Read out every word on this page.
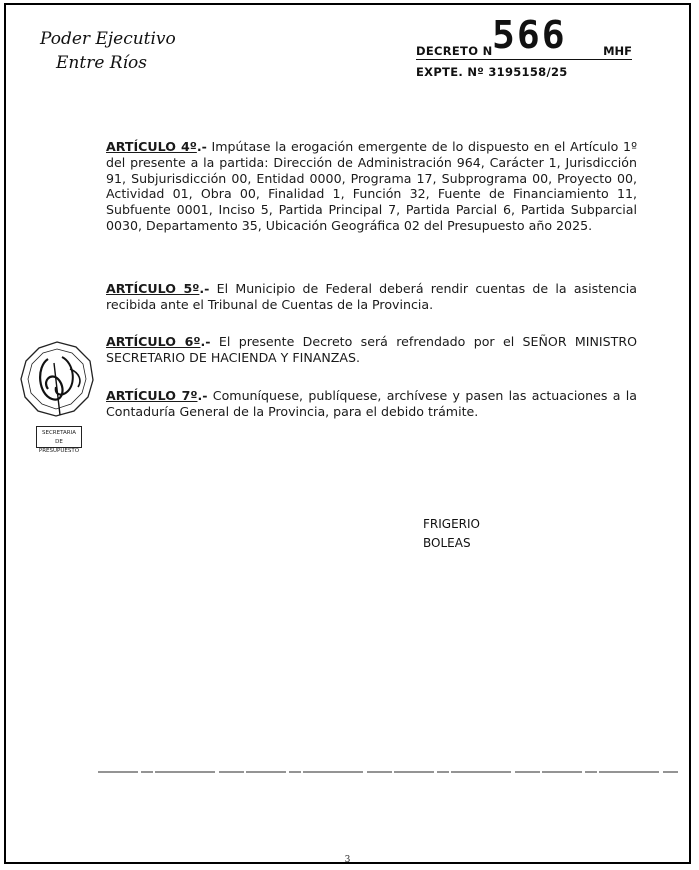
Poder Ejecutivo
Entre Ríos
566
DECRETO N	MHF
EXPTE. Nº 3195158/25
ARTÍCULO 4º.- Impútase la erogación emergente de lo dispuesto en el Artículo 1º del presente a la partida: Dirección de Administración 964, Carácter 1, Jurisdicción 91, Subjurisdicción 00, Entidad 0000, Programa 17, Subprograma 00, Proyecto 00, Actividad 01, Obra 00, Finalidad 1, Función 32, Fuente de Financiamiento 11, Subfuente 0001, Inciso 5, Partida Principal 7, Partida Parcial 6, Partida Subparcial 0030, Departamento 35, Ubicación Geográfica 02 del Presupuesto año 2025.
ARTÍCULO 5º.- El Municipio de Federal deberá rendir cuentas de la asistencia recibida ante el Tribunal de Cuentas de la Provincia.
ARTÍCULO 6º.- El presente Decreto será refrendado por el SEÑOR MINISTRO SECRETARIO DE HACIENDA Y FINANZAS.
ARTÍCULO 7º.- Comuníquese, publíquese, archívese y pasen las actuaciones a la Contaduría General de la Provincia, para el debido trámite.
SECRETARIA
DE PRESUPUESTO
FRIGERIO
BOLEAS
3
